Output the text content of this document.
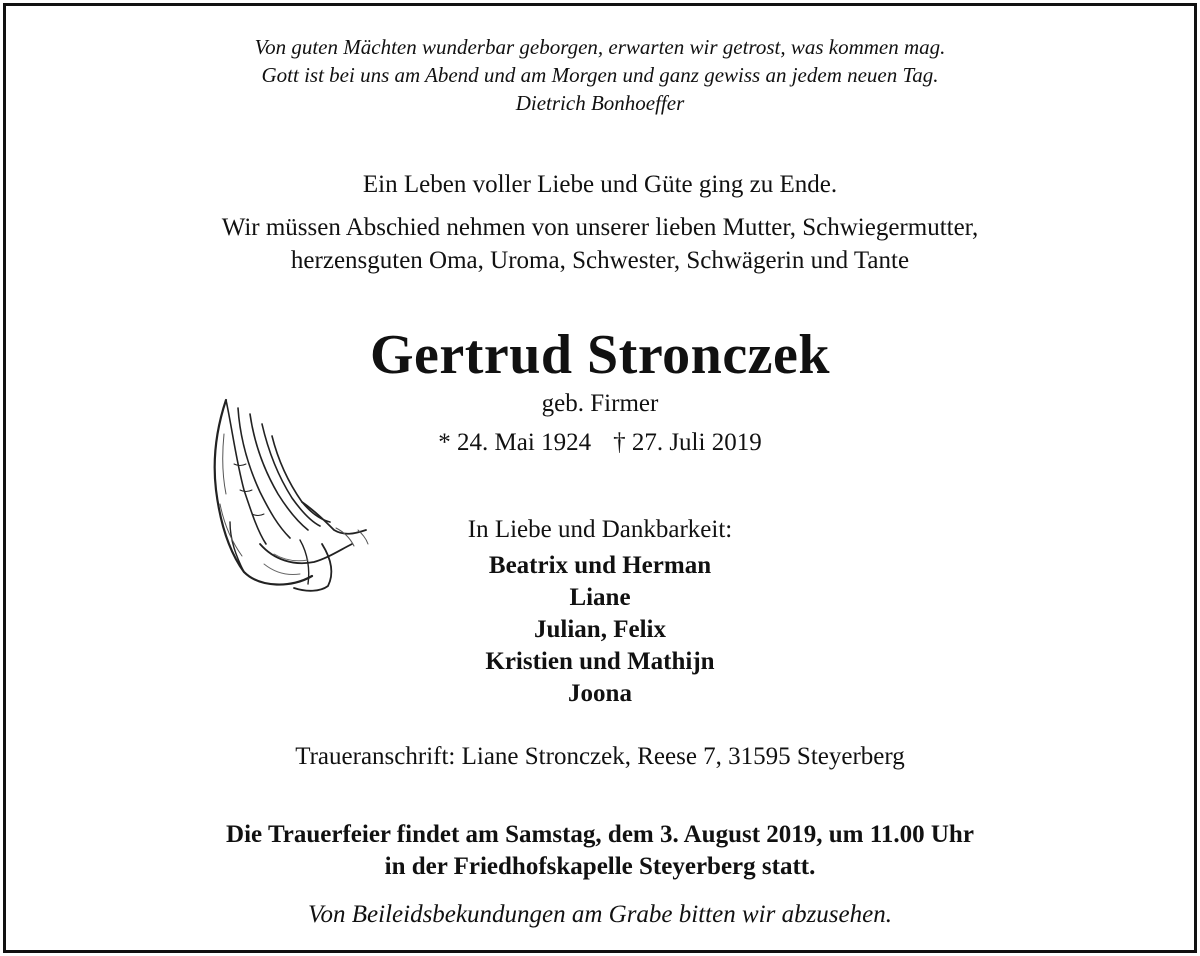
Von guten Mächten wunderbar geborgen, erwarten wir getrost, was kommen mag.
Gott ist bei uns am Abend und am Morgen und ganz gewiss an jedem neuen Tag.
Dietrich Bonhoeffer
Ein Leben voller Liebe und Güte ging zu Ende.
Wir müssen Abschied nehmen von unserer lieben Mutter, Schwiegermutter,
herzensguten Oma, Uroma, Schwester, Schwägerin und Tante
Gertrud Stronczek
geb. Firmer
* 24. Mai 1924 † 27. Juli 2019
In Liebe und Dankbarkeit:
Beatrix und Herman
Liane
Julian, Felix
Kristien und Mathijn
Joona
Traueranschrift: Liane Stronczek, Reese 7, 31595 Steyerberg
Die Trauerfeier findet am Samstag, dem 3. August 2019, um 11.00 Uhr
in der Friedhofskapelle Steyerberg statt.
Von Beileidsbekundungen am Grabe bitten wir abzusehen.
